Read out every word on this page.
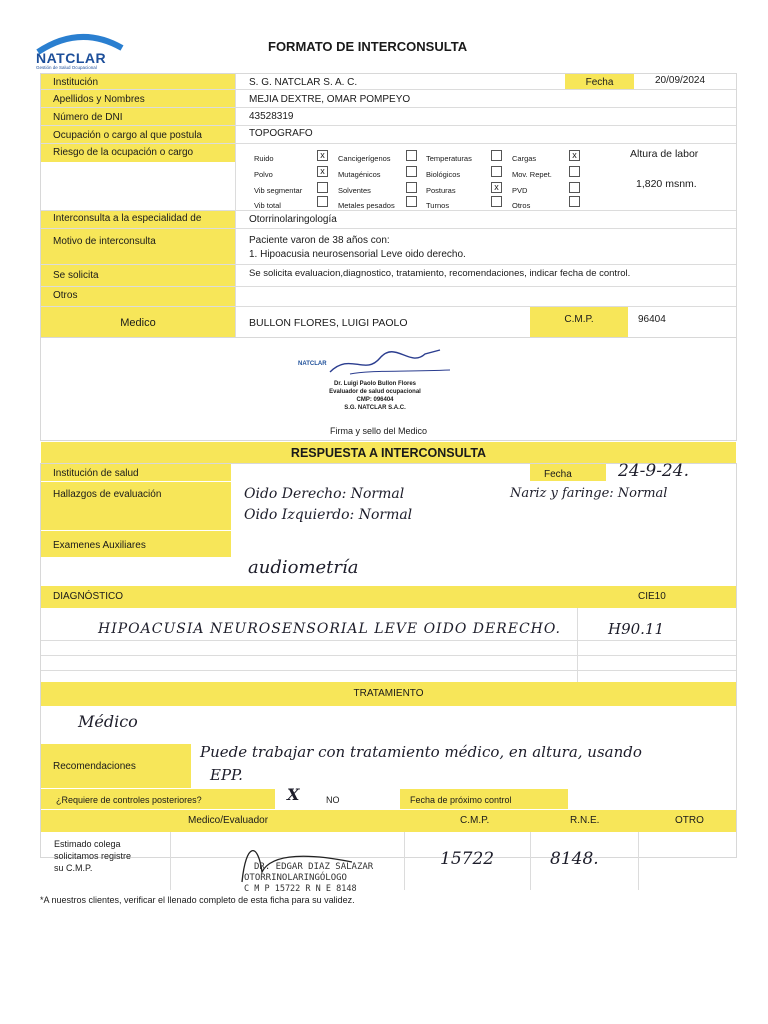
NATCLAR
Gestión de Salud Ocupacional
FORMATO DE INTERCONSULTA
Institución	S. G. NATCLAR S. A. C.	Fecha	20/09/2024
Apellidos y Nombres	MEJIA DEXTRE, OMAR POMPEYO
Número de DNI	43528319
Ocupación o cargo al que postula	TOPOGRAFO
Riesgo de la ocupación o cargo
Ruido	x
Polvo	x
Vib segmentar
Vib total
Cancigerígenos
Mutagénicos
Solventes
Metales pesados
Temperaturas
Biológicos
Posturas	x
Turnos
Cargas	x
Mov. Repet.
PVD
Otros
Altura de labor
1,820 msnm.
Interconsulta a la especialidad de	Otorrinolaringología
Motivo de interconsulta	Paciente varon de 38 años con:
1. Hipoacusia neurosensorial Leve oido derecho.
Se solicita	Se solicita evaluacion,diagnostico, tratamiento, recomendaciones, indicar fecha de control.
Otros
Medico	BULLON FLORES, LUIGI PAOLO	C.M.P.	96404
NATCLAR
Dr. Luigi Paolo Bullon Flores
Evaluador de salud ocupacional
CMP: 096404
S.G. NATCLAR S.A.C.
Firma y sello del Medico
RESPUESTA A INTERCONSULTA
Institución de salud	Fecha	24-9-24.
Hallazgos de evaluación	Oido Derecho: Normal
Oido Izquierdo: Normal
Nariz y faringe: Normal
Examenes Auxiliares
audiometría
DIAGNÓSTICO	CIE10
HIPOACUSIA NEUROSENSORIAL LEVE OIDO DERECHO.	H90.11
TRATAMIENTO
Médico
Recomendaciones
Puede trabajar con tratamiento médico, en altura, usando
EPP.
¿Requiere de controles posteriores?	X	NO	Fecha de próximo control
Medico/Evaluador	C.M.P.	R.N.E.	OTRO
Estimado colega
solicitamos registre
su C.M.P.	DR. EDGAR DIAZ SALAZAR
OTORRINOLARINGÓLOGO
C M P 15722 R N E 8148
15722	8148.
*A nuestros clientes, verificar el llenado completo de esta ficha para su validez.
